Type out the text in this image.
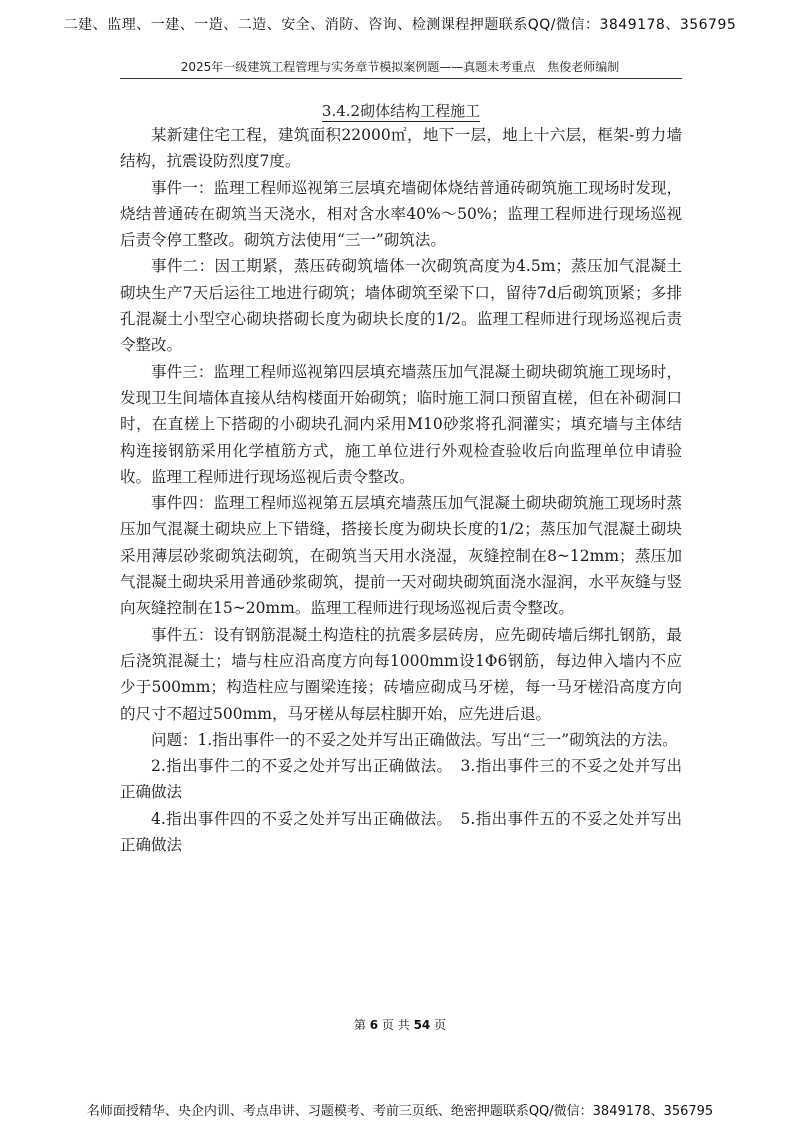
二建、监理、一建、一造、二造、安全、消防、咨询、检测课程押题联系QQ/微信：3849178、356795
2025年一级建筑工程管理与实务章节模拟案例题——真题未考重点　焦俊老师编制
3.4.2砌体结构工程施工

某新建住宅工程，建筑面积22000㎡，地下一层，地上十六层，框架-剪力墙结构，抗震设防烈度7度。

事件一：监理工程师巡视第三层填充墙砌体烧结普通砖砌筑施工现场时发现，烧结普通砖在砌筑当天浇水，相对含水率40%～50%；监理工程师进行现场巡视后责令停工整改。砌筑方法使用“三一”砌筑法。

事件二：因工期紧，蒸压砖砌筑墙体一次砌筑高度为4.5m；蒸压加气混凝土砌块生产7天后运往工地进行砌筑；墙体砌筑至梁下口，留待7d后砌筑顶紧；多排孔混凝土小型空心砌块搭砌长度为砌块长度的1/2。监理工程师进行现场巡视后责令整改。

事件三：监理工程师巡视第四层填充墙蒸压加气混凝土砌块砌筑施工现场时，发现卫生间墙体直接从结构楼面开始砌筑；临时施工洞口预留直槎，但在补砌洞口时，在直槎上下搭砌的小砌块孔洞内采用M10砂浆将孔洞灌实；填充墙与主体结构连接钢筋采用化学植筋方式，施工单位进行外观检查验收后向监理单位申请验收。监理工程师进行现场巡视后责令整改。

事件四：监理工程师巡视第五层填充墙蒸压加气混凝土砌块砌筑施工现场时蒸压加气混凝土砌块应上下错缝，搭接长度为砌块长度的1/2；蒸压加气混凝土砌块采用薄层砂浆砌筑法砌筑，在砌筑当天用水浇湿，灰缝控制在8~12mm；蒸压加气混凝土砌块采用普通砂浆砌筑，提前一天对砌块砌筑面浇水湿润，水平灰缝与竖向灰缝控制在15~20mm。监理工程师进行现场巡视后责令整改。

事件五：设有钢筋混凝土构造柱的抗震多层砖房，应先砌砖墙后绑扎钢筋，最后浇筑混凝土；墙与柱应沿高度方向每1000mm设1Φ6钢筋，每边伸入墙内不应少于500mm；构造柱应与圈梁连接；砖墙应砌成马牙槎，每一马牙槎沿高度方向的尺寸不超过500mm，马牙槎从每层柱脚开始，应先进后退。

问题：1.指出事件一的不妥之处并写出正确做法。写出“三一”砌筑法的方法。

2.指出事件二的不妥之处并写出正确做法。　3.指出事件三的不妥之处并写出正确做法

4.指出事件四的不妥之处并写出正确做法。　5.指出事件五的不妥之处并写出正确做法

第 6 页 共 54 页
名师面授精华、央企内训、考点串讲、习题模考、考前三页纸、绝密押题联系QQ/微信：3849178、356795
